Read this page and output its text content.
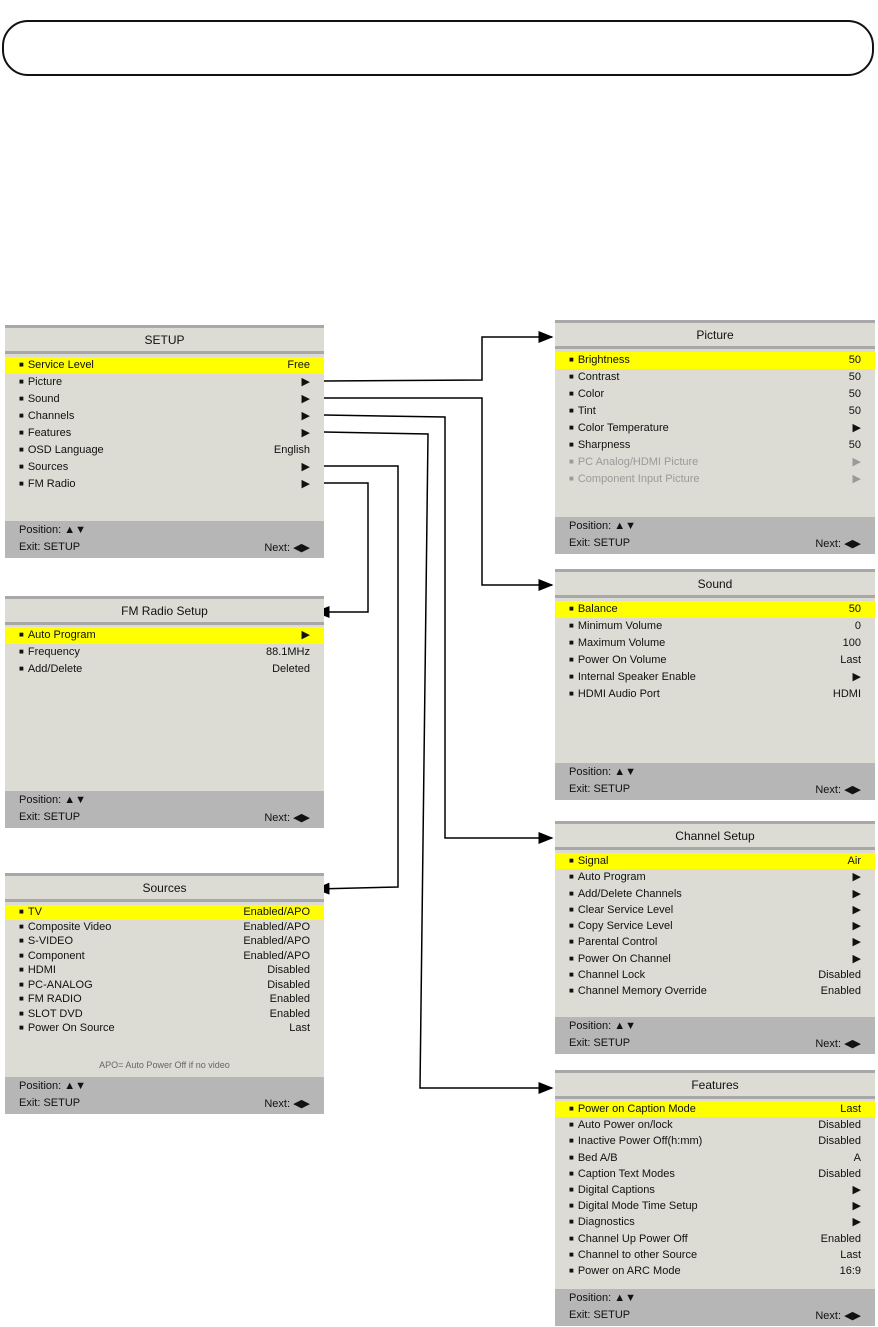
SETUP
■ Service Level	Free
■ Picture	▶
■ Sound	▶
■ Channels	▶
■ Features	▶
■ OSD Language	English
■ Sources	▶
■ FM Radio	▶
Position: ▲▼
Exit: SETUP	Next: ◀▶
FM Radio Setup
■ Auto Program	▶
■ Frequency	88.1MHz
■ Add/Delete	Deleted
Position: ▲▼
Exit: SETUP	Next: ◀▶
Sources
■ TV	Enabled/APO
■ Composite Video	Enabled/APO
■ S-VIDEO	Enabled/APO
■ Component	Enabled/APO
■ HDMI	Disabled
■ PC-ANALOG	Disabled
■ FM RADIO	Enabled
■ SLOT DVD	Enabled
■ Power On Source	Last
APO= Auto Power Off if no video
Position: ▲▼
Exit: SETUP	Next: ◀▶
Picture
■ Brightness	50
■ Contrast	50
■ Color	50
■ Tint	50
■ Color Temperature	▶
■ Sharpness	50
■ PC Analog/HDMI Picture	▶
■ Component Input Picture	▶
Position: ▲▼
Exit: SETUP	Next: ◀▶
Sound
■ Balance	50
■ Minimum Volume	0
■ Maximum Volume	100
■ Power On Volume	Last
■ Internal Speaker Enable	▶
■ HDMI Audio Port	HDMI
Position: ▲▼
Exit: SETUP	Next: ◀▶
Channel Setup
■ Signal	Air
■ Auto Program	▶
■ Add/Delete Channels	▶
■ Clear Service Level	▶
■ Copy Service Level	▶
■ Parental Control	▶
■ Power On Channel	▶
■ Channel Lock	Disabled
■ Channel Memory Override	Enabled
Position: ▲▼
Exit: SETUP	Next: ◀▶
Features
■ Power on Caption Mode	Last
■ Auto Power on/lock	Disabled
■ Inactive Power Off(h:mm)	Disabled
■ Bed A/B	A
■ Caption Text Modes	Disabled
■ Digital Captions	▶
■ Digital Mode Time Setup	▶
■ Diagnostics	▶
■ Channel Up Power Off	Enabled
■ Channel to other Source	Last
■ Power on ARC Mode	16:9
Position: ▲▼
Exit: SETUP	Next: ◀▶
